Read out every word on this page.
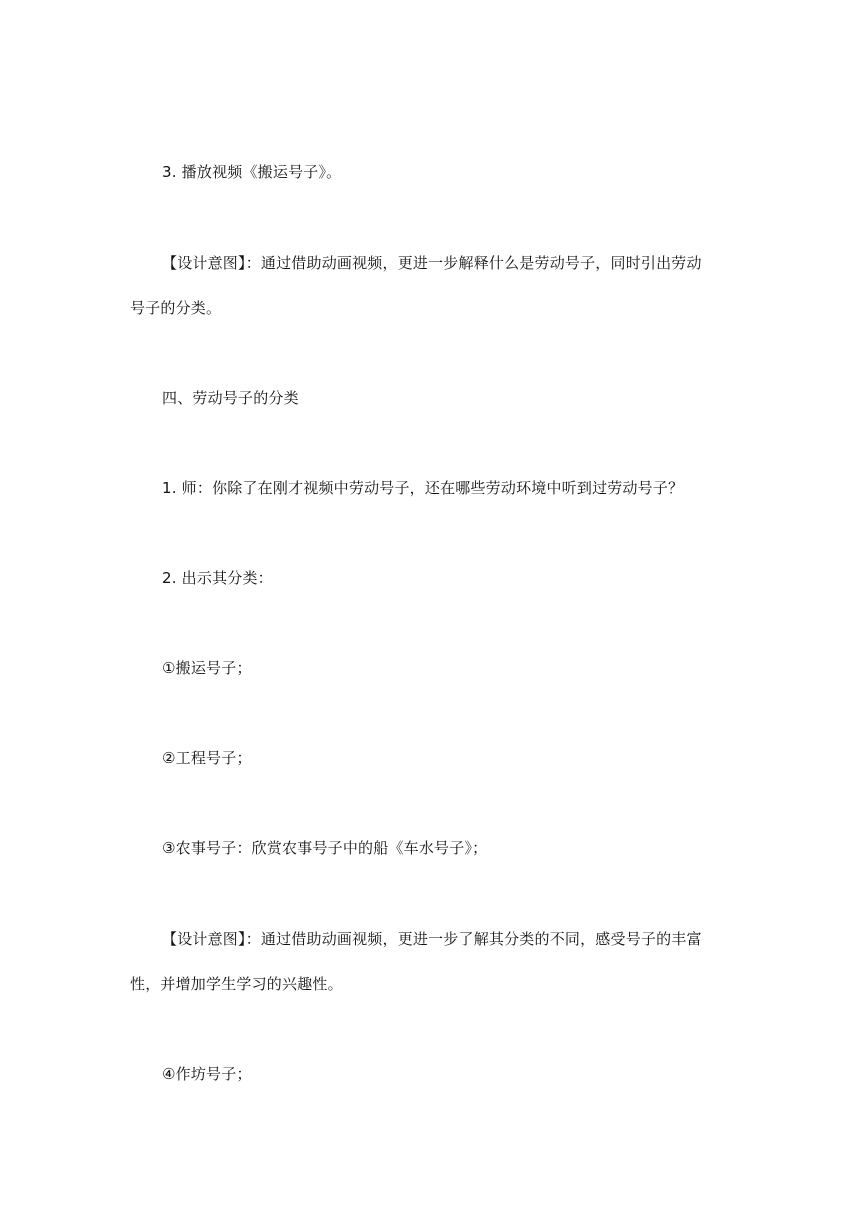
3. 播放视频《搬运号子》。
【设计意图】：通过借助动画视频，更进一步解释什么是劳动号子，同时引出劳动
号子的分类。
四、劳动号子的分类
1. 师：你除了在刚才视频中劳动号子，还在哪些劳动环境中听到过劳动号子？
2. 出示其分类：
①搬运号子；
②工程号子；
③农事号子：欣赏农事号子中的船《车水号子》；
【设计意图】：通过借助动画视频，更进一步了解其分类的不同，感受号子的丰富
性，并增加学生学习的兴趣性。
④作坊号子；
